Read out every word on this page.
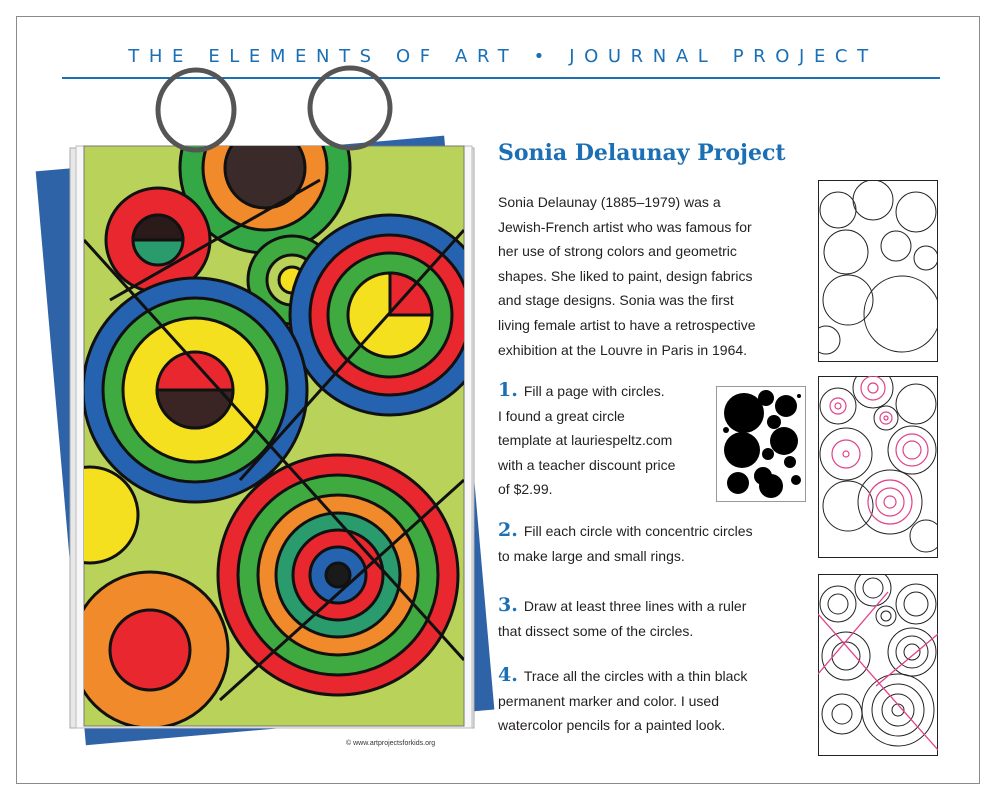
THE ELEMENTS OF ART • JOURNAL PROJECT
© www.artprojectsforkids.org
Sonia Delaunay Project
Sonia Delaunay (1885–1979) was a
Jewish-French artist who was famous for
her use of strong colors and geometric
shapes. She liked to paint, design fabrics
and stage designs. Sonia was the first
living female artist to have a retrospective
exhibition at the Louvre in Paris in 1964.
1. Fill a page with circles.
I found a great circle
template at lauriespeltz.com
with a teacher discount price
of $2.99.
2. Fill each circle with concentric circles
to make large and small rings.
3. Draw at least three lines with a ruler
that dissect some of the circles.
4. Trace all the circles with a thin black
permanent marker and color. I used
watercolor pencils for a painted look.
